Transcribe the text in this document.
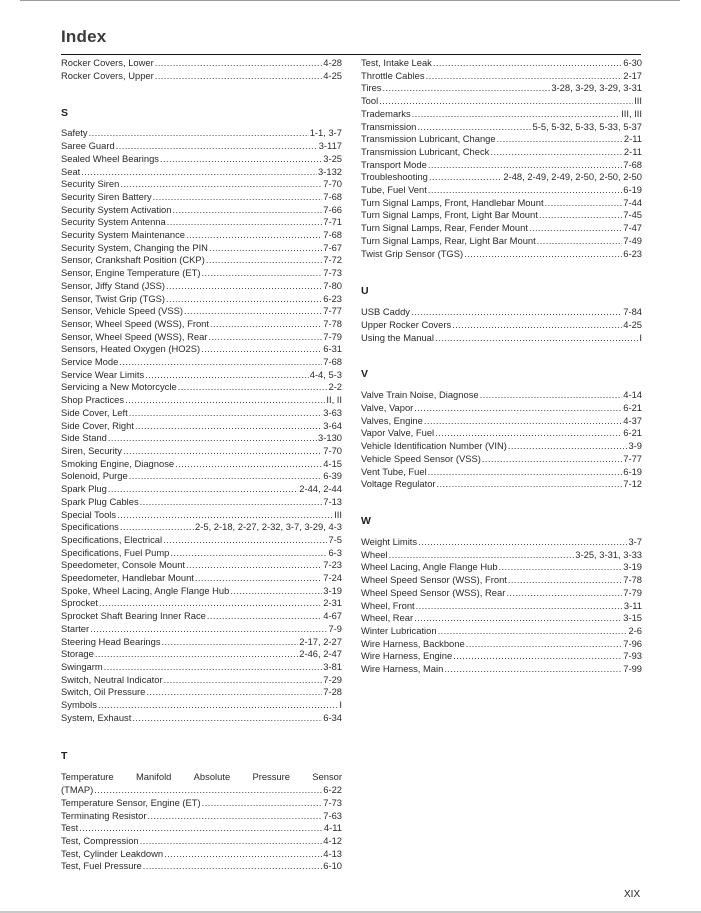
Index
Rocker Covers, Lower .....	4-28
Rocker Covers, Upper .....	4-25
S
Safety .....	1-1, 3-7
Saree Guard .....	3-117
Sealed Wheel Bearings .....	3-25
Seat .....	3-132
Security Siren .....	7-70
Security Siren Battery .....	7-68
Security System Activation .....	7-66
Security System Antenna .....	7-71
Security System Maintenance .....	7-68
Security System, Changing the PIN .....	7-67
Sensor, Crankshaft Position (CKP) .....	7-72
Sensor, Engine Temperature (ET) .....	7-73
Sensor, Jiffy Stand (JSS) .....	7-80
Sensor, Twist Grip (TGS) .....	6-23
Sensor, Vehicle Speed (VSS) .....	7-77
Sensor, Wheel Speed (WSS), Front .....	7-78
Sensor, Wheel Speed (WSS), Rear .....	7-79
Sensors, Heated Oxygen (HO2S) .....	6-31
Service Mode .....	7-68
Service Wear Limits .....	4-4, 5-3
Servicing a New Motorcycle .....	2-2
Shop Practices .....	II, II
Side Cover, Left .....	3-63
Side Cover, Right .....	3-64
Side Stand .....	3-130
Siren, Security .....	7-70
Smoking Engine, Diagnose .....	4-15
Solenoid, Purge .....	6-39
Spark Plug .....	2-44, 2-44
Spark Plug Cables .....	7-13
Special Tools .....	III
Specifications .....	2-5, 2-18, 2-27, 2-32, 3-7, 3-29, 4-3
Specifications, Electrical .....	7-5
Specifications, Fuel Pump .....	6-3
Speedometer, Console Mount .....	7-23
Speedometer, Handlebar Mount .....	7-24
Spoke, Wheel Lacing, Angle Flange Hub .....	3-19
Sprocket .....	2-31
Sprocket Shaft Bearing Inner Race .....	4-67
Starter .....	7-9
Steering Head Bearings .....	2-17, 2-27
Storage .....	2-46, 2-47
Swingarm .....	3-81
Switch, Neutral Indicator .....	7-29
Switch, Oil Pressure .....	7-28
Symbols .....	I
System, Exhaust .....	6-34
T
Temperature Manifold Absolute Pressure Sensor
(TMAP) .....	6-22
Temperature Sensor, Engine (ET) .....	7-73
Terminating Resistor .....	7-63
Test .....	4-11
Test, Compression .....	4-12
Test, Cylinder Leakdown .....	4-13
Test, Fuel Pressure .....	6-10
Test, Intake Leak .....	6-30
Throttle Cables .....	2-17
Tires .....	3-28, 3-29, 3-29, 3-31
Tool .....	III
Trademarks .....	III, III
Transmission .....	5-5, 5-32, 5-33, 5-33, 5-37
Transmission Lubricant, Change .....	2-11
Transmission Lubricant, Check .....	2-11
Transport Mode .....	7-68
Troubleshooting .....	2-48, 2-49, 2-49, 2-50, 2-50, 2-50
Tube, Fuel Vent .....	6-19
Turn Signal Lamps, Front, Handlebar Mount .....	7-44
Turn Signal Lamps, Front, Light Bar Mount .....	7-45
Turn Signal Lamps, Rear, Fender Mount .....	7-47
Turn Signal Lamps, Rear, Light Bar Mount .....	7-49
Twist Grip Sensor (TGS) .....	6-23
U
USB Caddy .....	7-84
Upper Rocker Covers .....	4-25
Using the Manual .....	I
V
Valve Train Noise, Diagnose .....	4-14
Valve, Vapor .....	6-21
Valves, Engine .....	4-37
Vapor Valve, Fuel .....	6-21
Vehicle Identification Number (VIN) .....	3-9
Vehicle Speed Sensor (VSS) .....	7-77
Vent Tube, Fuel .....	6-19
Voltage Regulator .....	7-12
W
Weight Limits .....	3-7
Wheel .....	3-25, 3-31, 3-33
Wheel Lacing, Angle Flange Hub .....	3-19
Wheel Speed Sensor (WSS), Front .....	7-78
Wheel Speed Sensor (WSS), Rear .....	7-79
Wheel, Front .....	3-11
Wheel, Rear .....	3-15
Winter Lubrication .....	2-6
Wire Harness, Backbone .....	7-96
Wire Harness, Engine .....	7-93
Wire Harness, Main .....	7-99
XIX
